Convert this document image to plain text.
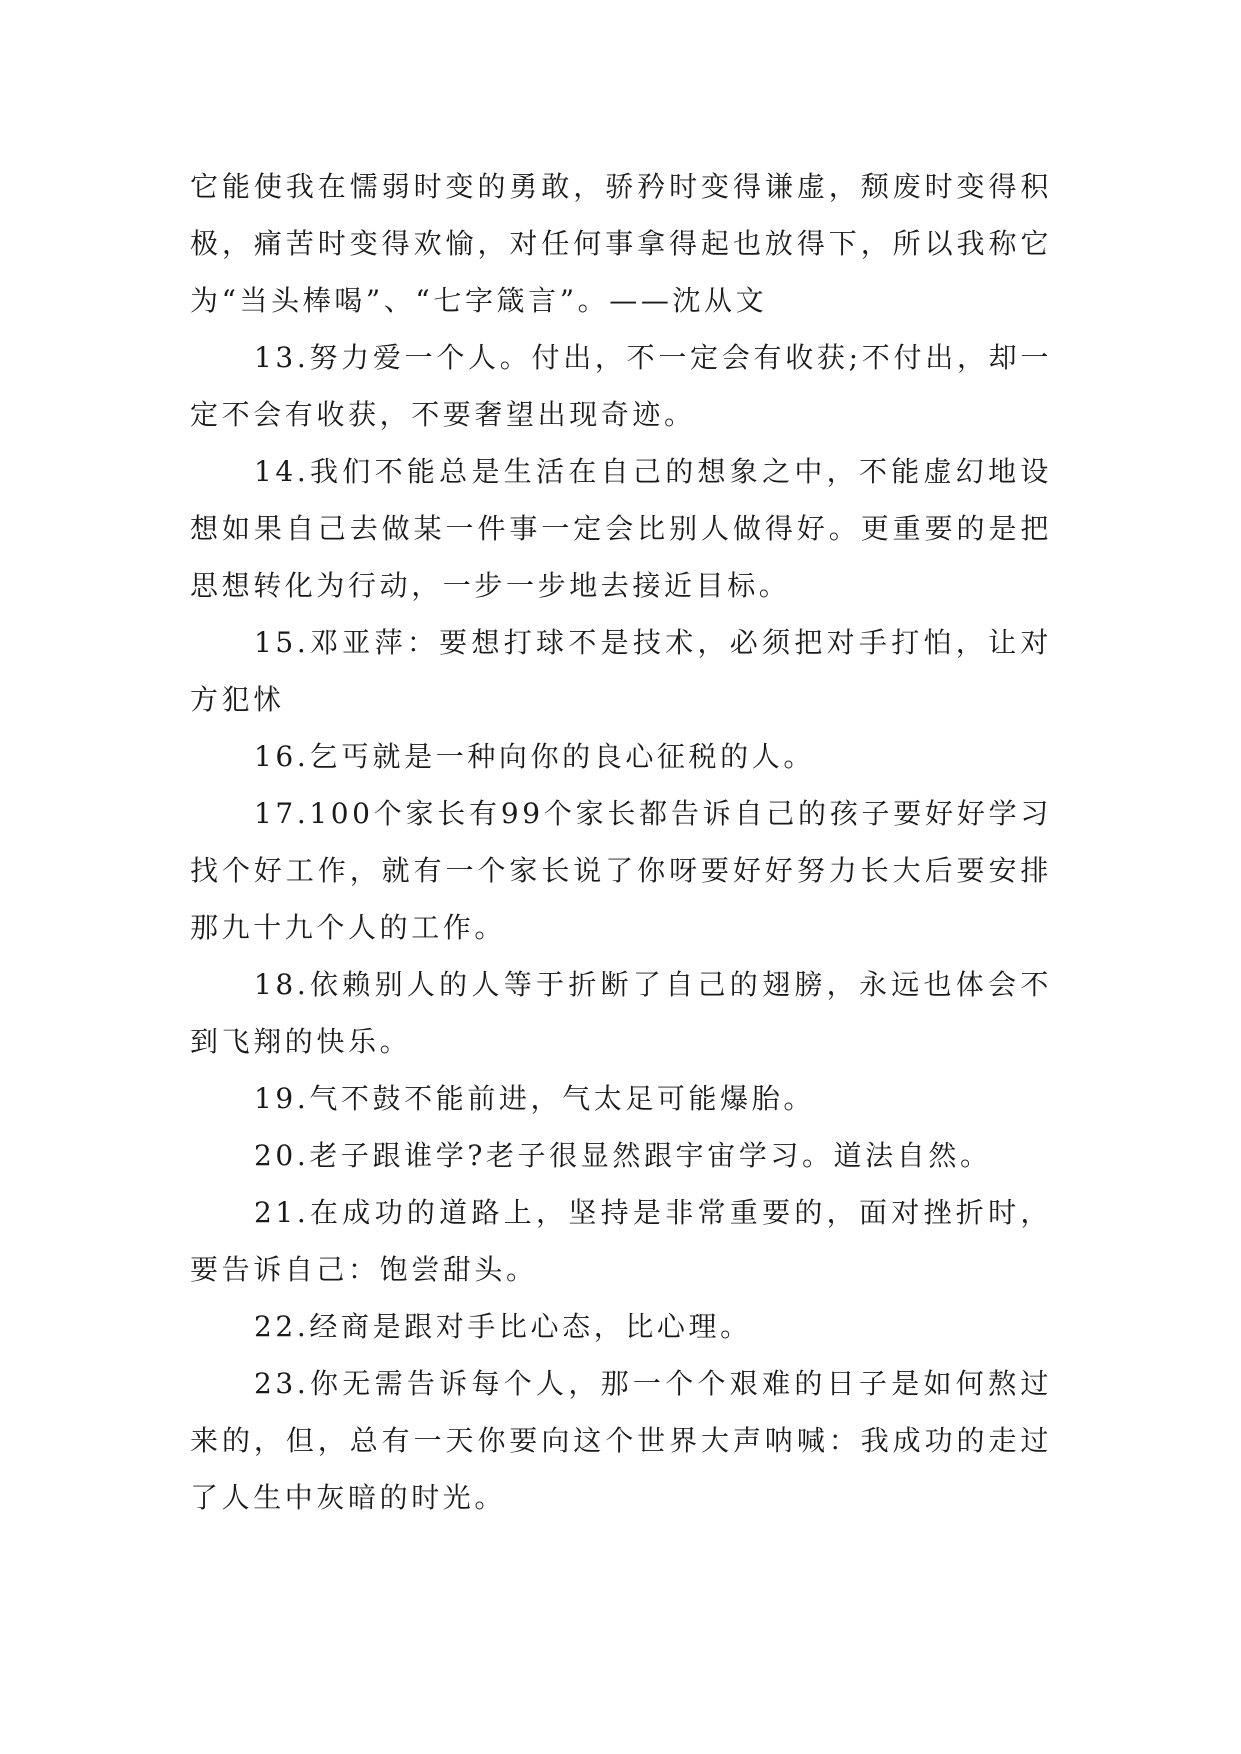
它能使我在懦弱时变的勇敢，骄矜时变得谦虚，颓废时变得积极，痛苦时变得欢愉，对任何事拿得起也放得下，所以我称它为“当头棒喝”、“七字箴言”。——沈从文

13.努力爱一个人。付出，不一定会有收获;不付出，却一定不会有收获，不要奢望出现奇迹。

14.我们不能总是生活在自己的想象之中，不能虚幻地设想如果自己去做某一件事一定会比别人做得好。更重要的是把思想转化为行动，一步一步地去接近目标。

15.邓亚萍：要想打球不是技术，必须把对手打怕，让对方犯怵

16.乞丐就是一种向你的良心征税的人。

17.100个家长有99个家长都告诉自己的孩子要好好学习找个好工作，就有一个家长说了你呀要好好努力长大后要安排那九十九个人的工作。

18.依赖别人的人等于折断了自己的翅膀，永远也体会不到飞翔的快乐。

19.气不鼓不能前进，气太足可能爆胎。

20.老子跟谁学?老子很显然跟宇宙学习。道法自然。

21.在成功的道路上，坚持是非常重要的，面对挫折时，要告诉自己：饱尝甜头。

22.经商是跟对手比心态，比心理。

23.你无需告诉每个人，那一个个艰难的日子是如何熬过来的，但，总有一天你要向这个世界大声呐喊：我成功的走过了人生中灰暗的时光。
